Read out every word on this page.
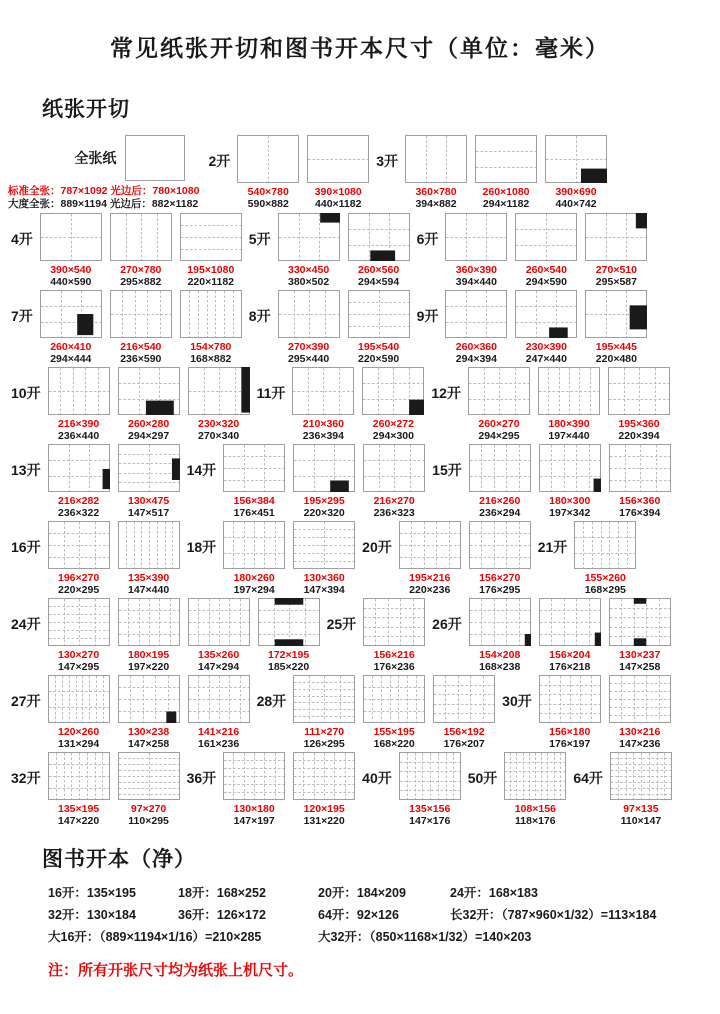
常见纸张开切和图书开本尺寸（单位：毫米）
纸张开切
全张纸
标准全张：787×1092 光边后：780×1080
大度全张：889×1194 光边后：882×1182
2开
540×780
590×882
390×1080
440×1182
3开
360×780
394×882
260×1080
294×1182
390×690
440×742
4开
390×540
440×590
270×780
295×882
195×1080
220×1182
5开
330×450
380×502
260×560
294×594
6开
360×390
394×440
260×540
294×590
270×510
295×587
7开
260×410
294×444
216×540
236×590
154×780
168×882
8开
270×390
295×440
195×540
220×590
9开
260×360
294×394
230×390
247×440
195×445
220×480
10开
216×390
236×440
260×280
294×297
230×320
270×340
11开
210×360
236×394
260×272
294×300
12开
260×270
294×295
180×390
197×440
195×360
220×394
13开
216×282
236×322
130×475
147×517
14开
156×384
176×451
195×295
220×320
216×270
236×323
15开
216×260
236×294
180×300
197×342
156×360
176×394
16开
196×270
220×295
135×390
147×440
18开
180×260
197×294
130×360
147×394
20开
195×216
220×236
156×270
176×295
21开
155×260
168×295
24开
130×270
147×295
180×195
197×220
135×260
147×294
172×195
185×220
25开
156×216
176×236
26开
154×208
168×238
156×204
176×218
130×237
147×258
27开
120×260
131×294
130×238
147×258
141×216
161×236
28开
111×270
126×295
155×195
168×220
156×192
176×207
30开
156×180
176×197
130×216
147×236
32开
135×195
147×220
97×270
110×295
36开
130×180
147×197
120×195
131×220
40开
135×156
147×176
50开
108×156
118×176
64开
97×135
110×147
图书开本（净）
16开：135×195	18开：168×252	20开：184×209	24开：168×183
32开：130×184	36开：126×172	64开：92×126	长32开：（787×960×1/32）=113×184
大16开：（889×1194×1/16）=210×285	大32开：（850×1168×1/32）=140×203
注：所有开张尺寸均为纸张上机尺寸。
